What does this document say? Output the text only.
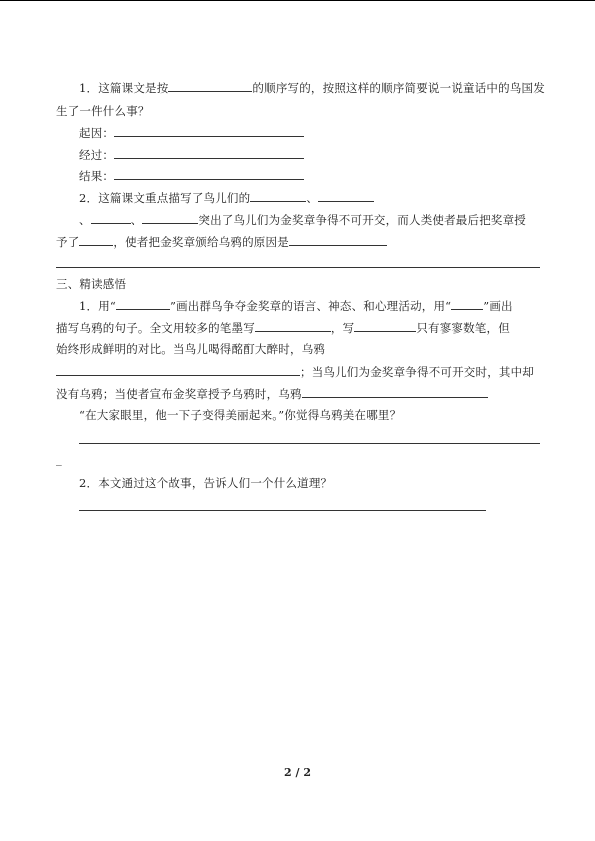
1．这篇课文是按	的顺序写的，按照这样的顺序简要说一说童话中的鸟国发
生了一件什么事？
起因：
经过：
结果：
2．这篇课文重点描写了鸟儿们的	、
、	、	突出了鸟儿们为金奖章争得不可开交，而人类使者最后把奖章授
予了	，使者把金奖章颁给乌鸦的原因是
三、精读感悟
1．用“	”画出群鸟争夺金奖章的语言、神态、和心理活动，用“	”画出
描写乌鸦的句子。全文用较多的笔墨写	，写	只有寥寥数笔，但
始终形成鲜明的对比。当鸟儿喝得酩酊大醉时，乌鸦
；当鸟儿们为金奖章争得不可开交时，其中却
没有乌鸦；当使者宣布金奖章授予乌鸦时，乌鸦
“在大家眼里，他一下子变得美丽起来。”你觉得乌鸦美在哪里？
_
2．本文通过这个故事，告诉人们一个什么道理？
2 / 2
